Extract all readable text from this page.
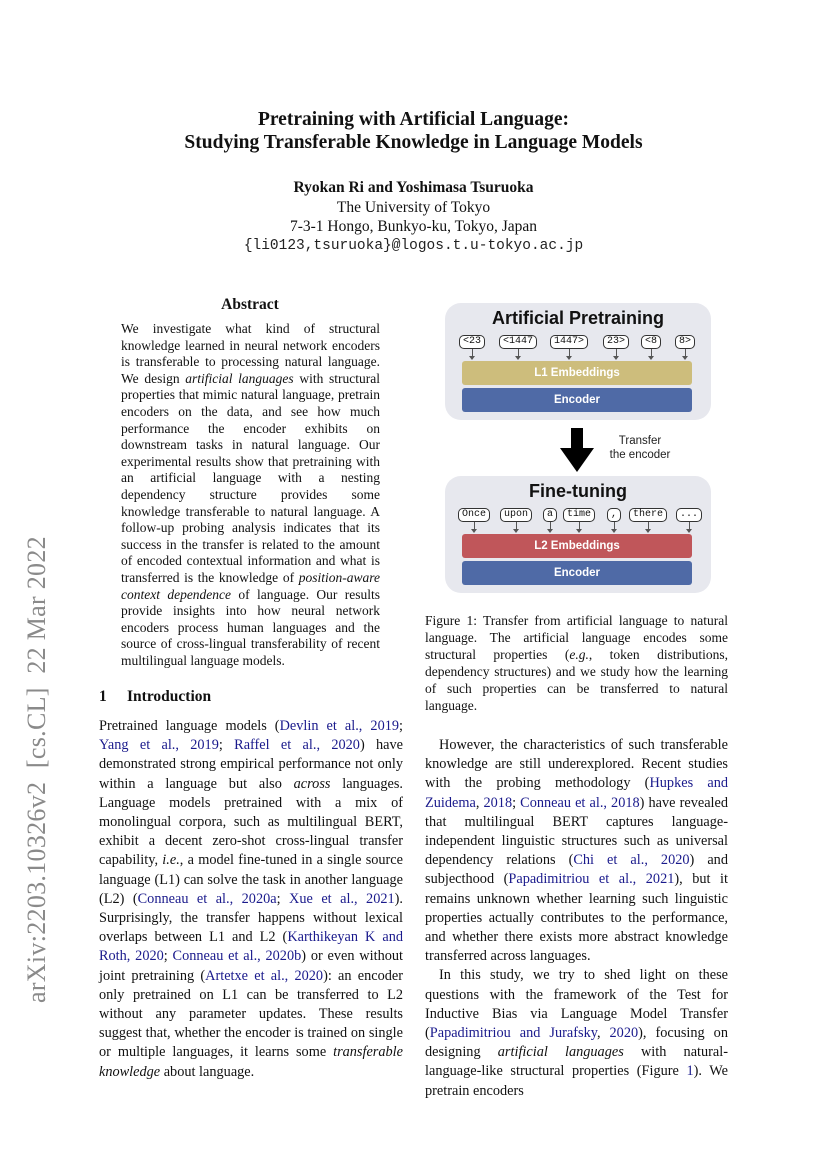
arXiv:2203.10326v2  [cs.CL]  22 Mar 2022
Pretraining with Artificial Language:
Studying Transferable Knowledge in Language Models
Ryokan Ri and Yoshimasa Tsuruoka
The University of Tokyo
7-3-1 Hongo, Bunkyo-ku, Tokyo, Japan
{li0123,tsuruoka}@logos.t.u-tokyo.ac.jp
Abstract
We investigate what kind of structural knowledge learned in neural network encoders is transferable to processing natural language. We design artificial languages with structural properties that mimic natural language, pretrain encoders on the data, and see how much performance the encoder exhibits on downstream tasks in natural language. Our experimental results show that pretraining with an artificial language with a nesting dependency structure provides some knowledge transferable to natural language. A follow-up probing analysis indicates that its success in the transfer is related to the amount of encoded contextual information and what is transferred is the knowledge of position-aware context dependence of language. Our results provide insights into how neural network encoders process human languages and the source of cross-lingual transferability of recent multilingual language models.
1 Introduction

Pretrained language models (Devlin et al., 2019; Yang et al., 2019; Raffel et al., 2020) have demonstrated strong empirical performance not only within a language but also across languages. Language models pretrained with a mix of monolingual corpora, such as multilingual BERT, exhibit a decent zero-shot cross-lingual transfer capability, i.e., a model fine-tuned in a single source language (L1) can solve the task in another language (L2) (Conneau et al., 2020a; Xue et al., 2021). Surprisingly, the transfer happens without lexical overlaps between L1 and L2 (Karthikeyan K and Roth, 2020; Conneau et al., 2020b) or even without joint pretraining (Artetxe et al., 2020): an encoder only pretrained on L1 can be transferred to L2 without any parameter updates. These results suggest that, whether the encoder is trained on single or multiple languages, it learns some transferable knowledge about language.

However, the characteristics of such transferable knowledge are still underexplored. Recent studies with the probing methodology (Hupkes and Zuidema, 2018; Conneau et al., 2018) have revealed that multilingual BERT captures language-independent linguistic structures such as universal dependency relations (Chi et al., 2020) and subjecthood (Papadimitriou et al., 2021), but it remains unknown whether learning such linguistic properties actually contributes to the performance, and whether there exists more abstract knowledge transferred across languages.

In this study, we try to shed light on these questions with the framework of the Test for Inductive Bias via Language Model Transfer (Papadimitriou and Jurafsky, 2020), focusing on designing artificial languages with natural-language-like structural properties (Figure 1). We pretrain encoders

Artificial Pretraining
<23	<1447	1447>	23>	<8	8>
L1 Embeddings
Encoder
Transfer
the encoder
Fine-tuning
Once	upon	a	time	,	there	...
L2 Embeddings
Encoder
Figure 1: Transfer from artificial language to natural language. The artificial language encodes some structural properties (e.g., token distributions, dependency structures) and we study how the learning of such properties can be transferred to natural language.
